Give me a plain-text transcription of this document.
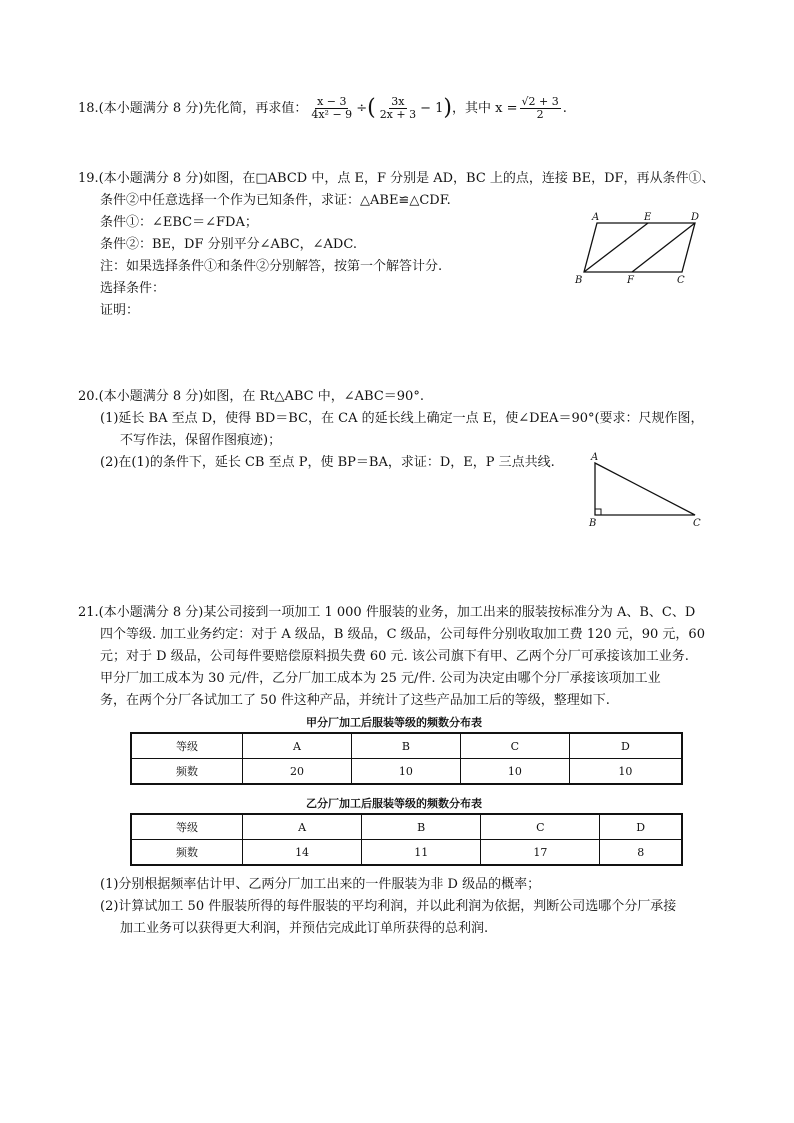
18.(本小题满分 8 分)先化简，再求值： $\frac{x - 3}{\text{4x² − 9}}$ ÷( $\frac{3x}{2x + 3} - 1$)，其中 $x = \frac{√2 + 3}{2}$ .
19.(本小题满分 8 分)如图，在□ABCD 中，点 E，F 分别是 AD，BC 上的点，连接 BE，DF，再从条件①、
条件②中任意选择一个作为已知条件，求证：△ABE≌△CDF.
条件①：∠EBC＝∠FDA；
条件②：BE，DF 分别平分∠ABC，∠ADC.
注：如果选择条件①和条件②分别解答，按第一个解答计分.
选择条件：
证明：
A	E	D
B	F	C
20.(本小题满分 8 分)如图，在 Rt△ABC 中，∠ABC＝90°.
(1)延长 BA 至点 D，使得 BD＝BC，在 CA 的延长线上确定一点 E，使∠DEA＝90°(要求：尺规作图，
不写作法，保留作图痕迹)；
(2)在(1)的条件下，延长 CB 至点 P，使 BP＝BA，求证：D，E，P 三点共线.	A
B	C
21.(本小题满分 8 分)某公司接到一项加工 1 000 件服装的业务，加工出来的服装按标准分为 A、B、C、D
四个等级. 加工业务约定：对于 A 级品，B 级品，C 级品，公司每件分别收取加工费 120 元，90 元，60
元；对于 D 级品，公司每件要赔偿原料损失费 60 元. 该公司旗下有甲、乙两个分厂可承接该加工业务.
甲分厂加工成本为 30 元/件，乙分厂加工成本为 25 元/件. 公司为决定由哪个分厂承接该项加工业
务，在两个分厂各试加工了 50 件这种产品，并统计了这些产品加工后的等级，整理如下.
甲分厂加工后服装等级的频数分布表
等级	A	B	C	D
频数	20	10	10	10
乙分厂加工后服装等级的频数分布表
等级	A	B	C	D
频数	14	11	17	8
(1)分别根据频率估计甲、乙两分厂加工出来的一件服装为非 D 级品的概率；
(2)计算试加工 50 件服装所得的每件服装的平均利润，并以此利润为依据，判断公司选哪个分厂承接
加工业务可以获得更大利润，并预估完成此订单所获得的总利润.
